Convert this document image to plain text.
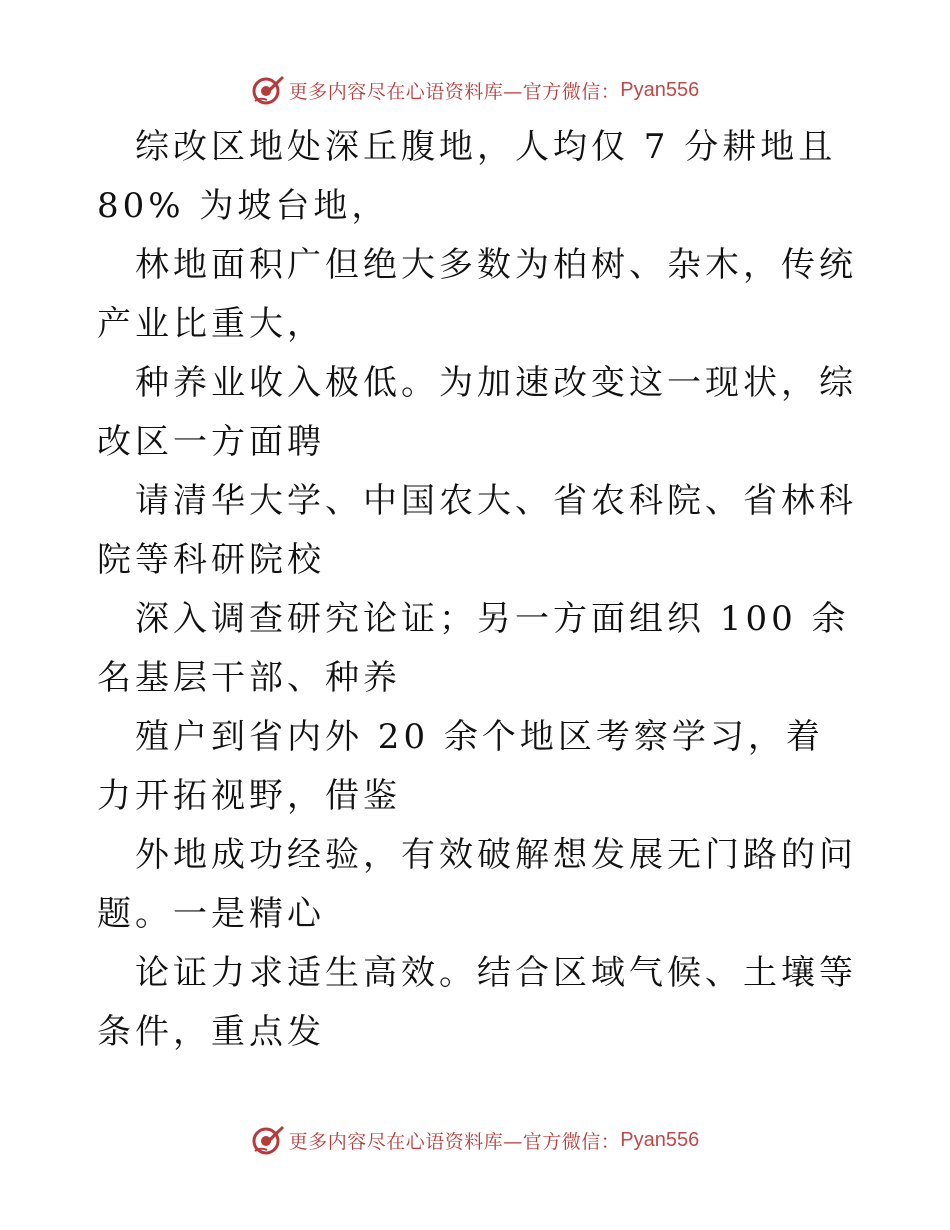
更多内容尽在心语资料库—官方微信： Pyan556

综改区地处深丘腹地，人均仅 7 分耕地且 80% 为坡台地，

林地面积广但绝大多数为柏树、杂木，传统产业比重大，

种养业收入极低。为加速改变这一现状，综改区一方面聘

请清华大学、中国农大、省农科院、省林科院等科研院校

深入调查研究论证；另一方面组织 100 余名基层干部、种养

殖户到省内外 20 余个地区考察学习，着力开拓视野，借鉴

外地成功经验，有效破解想发展无门路的问题。一是精心

论证力求适生高效。结合区域气候、土壤等条件，重点发

更多内容尽在心语资料库—官方微信： Pyan556
